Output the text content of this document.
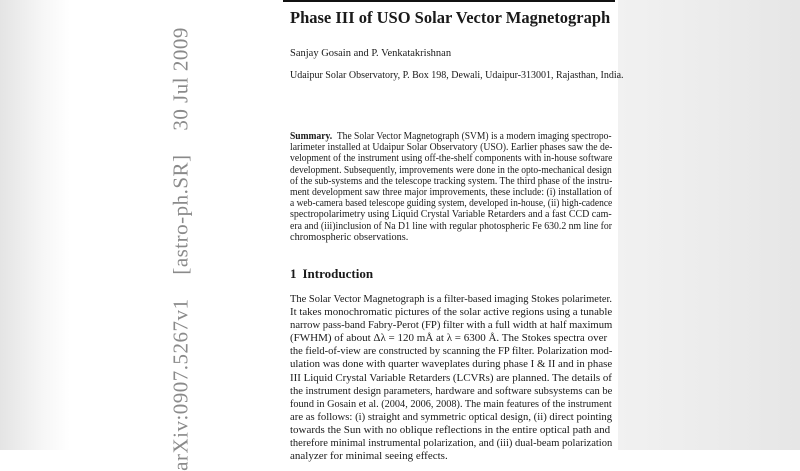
arXiv:0907.5267v1 [astro-ph.SR] 30 Jul 2009
Phase III of USO Solar Vector Magnetograph
Sanjay Gosain and P. Venkatakrishnan
Udaipur Solar Observatory, P. Box 198, Dewali, Udaipur-313001, Rajasthan, India.
Summary. The Solar Vector Magnetograph (SVM) is a modern imaging spectropo-
larimeter installed at Udaipur Solar Observatory (USO). Earlier phases saw the de-
velopment of the instrument using off-the-shelf components with in-house software
development. Subsequently, improvements were done in the opto-mechanical design
of the sub-systems and the telescope tracking system. The third phase of the instru-
ment development saw three major improvements, these include: (i) installation of
a web-camera based telescope guiding system, developed in-house, (ii) high-cadence
spectropolarimetry using Liquid Crystal Variable Retarders and a fast CCD cam-
era and (iii)inclusion of Na D1 line with regular photospheric Fe 630.2 nm line for
chromospheric observations.
1 Introduction
The Solar Vector Magnetograph is a filter-based imaging Stokes polarimeter.
It takes monochromatic pictures of the solar active regions using a tunable
narrow pass-band Fabry-Perot (FP) filter with a full width at half maximum
(FWHM) of about Δλ = 120 mÅ at λ = 6300 Å. The Stokes spectra over
the field-of-view are constructed by scanning the FP filter. Polarization mod-
ulation was done with quarter waveplates during phase I & II and in phase
III Liquid Crystal Variable Retarders (LCVRs) are planned. The details of
the instrument design parameters, hardware and software subsystems can be
found in Gosain et al. (2004, 2006, 2008). The main features of the instrument
are as follows: (i) straight and symmetric optical design, (ii) direct pointing
towards the Sun with no oblique reflections in the entire optical path and
therefore minimal instrumental polarization, and (iii) dual-beam polarization
analyzer for minimal seeing effects.
